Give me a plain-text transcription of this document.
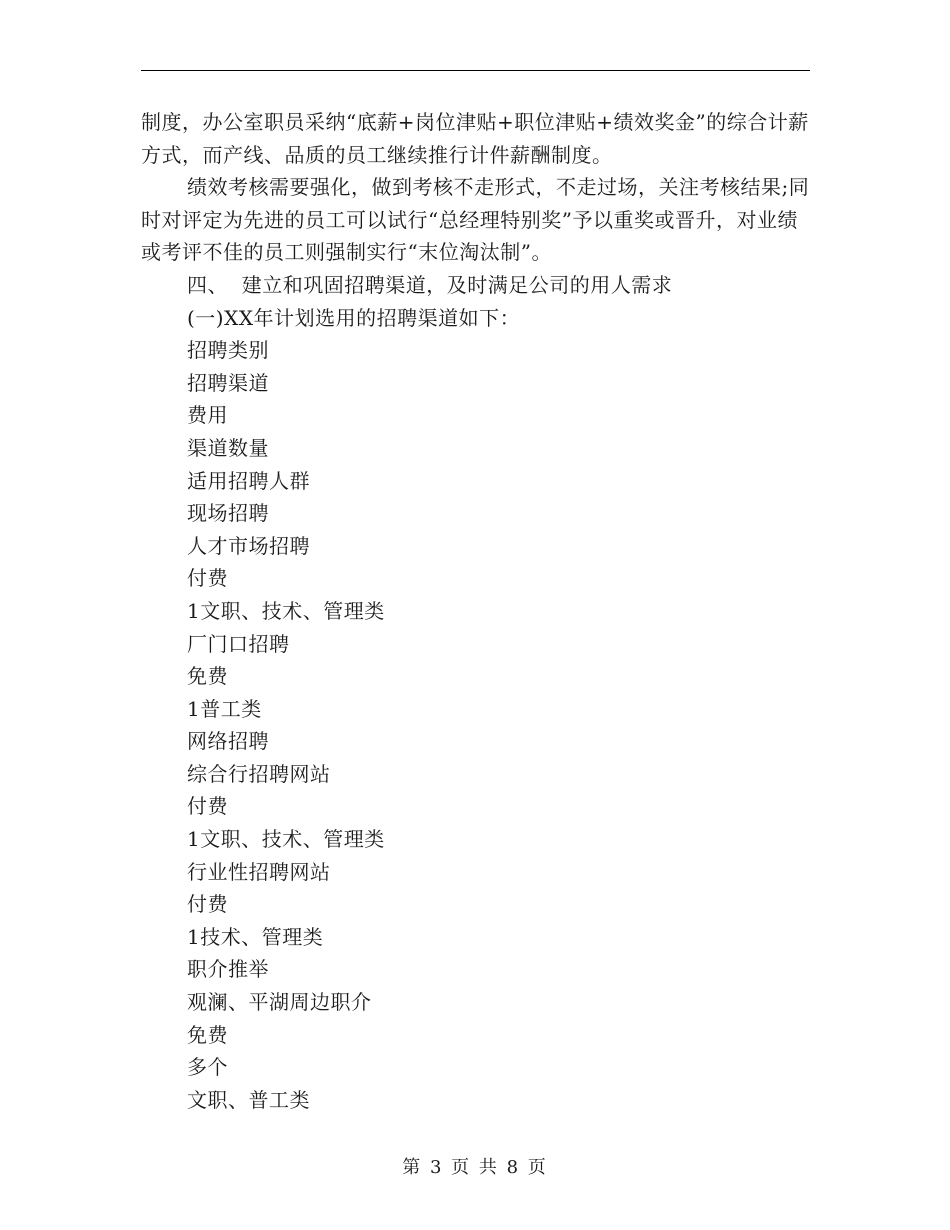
制度，办公室职员采纳“底薪+岗位津贴+职位津贴+绩效奖金”的综合计薪方式，而产线、品质的员工继续推行计件薪酬制度。

绩效考核需要强化，做到考核不走形式，不走过场，关注考核结果;同时对评定为先进的员工可以试行“总经理特别奖”予以重奖或晋升，对业绩或考评不佳的员工则强制实行“末位淘汰制”。

四、  建立和巩固招聘渠道，及时满足公司的用人需求

(一)XX年计划选用的招聘渠道如下：

招聘类别

招聘渠道

费用

渠道数量

适用招聘人群

现场招聘

人才市场招聘

付费

1文职、技术、管理类

厂门口招聘

免费

1普工类

网络招聘

综合行招聘网站

付费

1文职、技术、管理类

行业性招聘网站

付费

1技术、管理类

职介推举

观澜、平湖周边职介

免费

多个

文职、普工类

第 3 页 共 8 页
